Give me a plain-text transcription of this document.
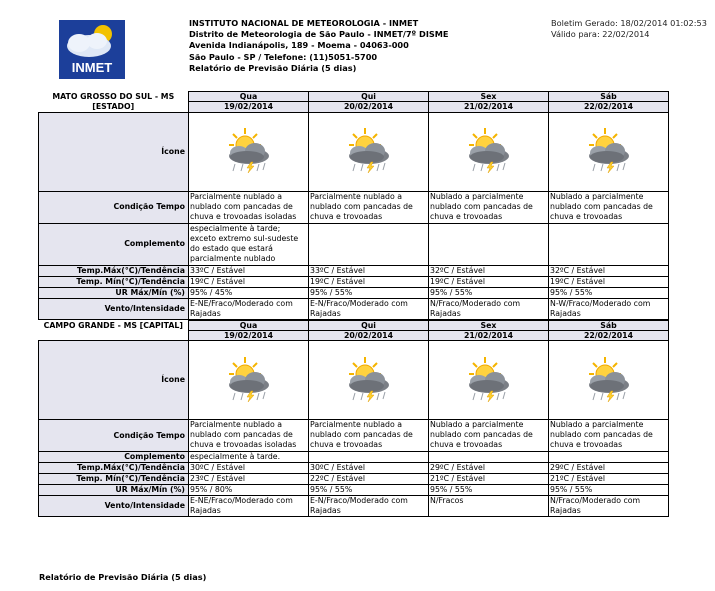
INMET
INSTITUTO NACIONAL DE METEOROLOGIA - INMET
Distrito de Meteorologia de São Paulo - INMET/7º DISME
Avenida Indianápolis, 189 - Moema - 04063-000
São Paulo - SP / Telefone: (11)5051-5700
Relatório de Previsão Diária (5 dias)
Boletim Gerado: 18/02/2014 01:02:53
Válido para: 22/02/2014
MATO GROSSO DO SUL - MS
[ESTADO]	Qua	Qui	Sex	Sáb
	19/02/2014	20/02/2014	21/02/2014	22/02/2014
Ícone				
Condição Tempo	Parcialmente nublado a nublado com pancadas de chuva e trovoadas isoladas	Parcialmente nublado a nublado com pancadas de chuva e trovoadas	Nublado a parcialmente nublado com pancadas de chuva e trovoadas	Nublado a parcialmente nublado com pancadas de chuva e trovoadas
Complemento	especialmente à tarde; exceto extremo sul-sudeste do estado que estará parcialmente nublado			
Temp.Máx(°C)/Tendência	33ºC / Estável	33ºC / Estável	32ºC / Estável	32ºC / Estável
Temp. Mín(°C)/Tendência	19ºC / Estável	19ºC / Estável	19ºC / Estável	19ºC / Estável
UR Máx/Mín (%)	95% / 45%	95% / 55%	95% / 55%	95% / 55%
Vento/Intensidade	E-NE/Fraco/Moderado com Rajadas	E-N/Fraco/Moderado com Rajadas	N/Fraco/Moderado com Rajadas	N-W/Fraco/Moderado com Rajadas
CAMPO GRANDE - MS [CAPITAL]	Qua	Qui	Sex	Sáb
	19/02/2014	20/02/2014	21/02/2014	22/02/2014
Ícone				
Condição Tempo	Parcialmente nublado a nublado com pancadas de chuva e trovoadas isoladas	Parcialmente nublado a nublado com pancadas de chuva e trovoadas	Nublado a parcialmente nublado com pancadas de chuva e trovoadas	Nublado a parcialmente nublado com pancadas de chuva e trovoadas
Complemento	especialmente à tarde.			
Temp.Máx(°C)/Tendência	30ºC / Estável	30ºC / Estável	29ºC / Estável	29ºC / Estável
Temp. Mín(°C)/Tendência	23ºC / Estável	22ºC / Estável	21ºC / Estável	21ºC / Estável
UR Máx/Mín (%)	95% / 80%	95% / 55%	95% / 55%	95% / 55%
Vento/Intensidade	E-NE/Fraco/Moderado com Rajadas	E-N/Fraco/Moderado com Rajadas	N/Fracos	N/Fraco/Moderado com Rajadas
Relatório de Previsão Diária (5 dias)
